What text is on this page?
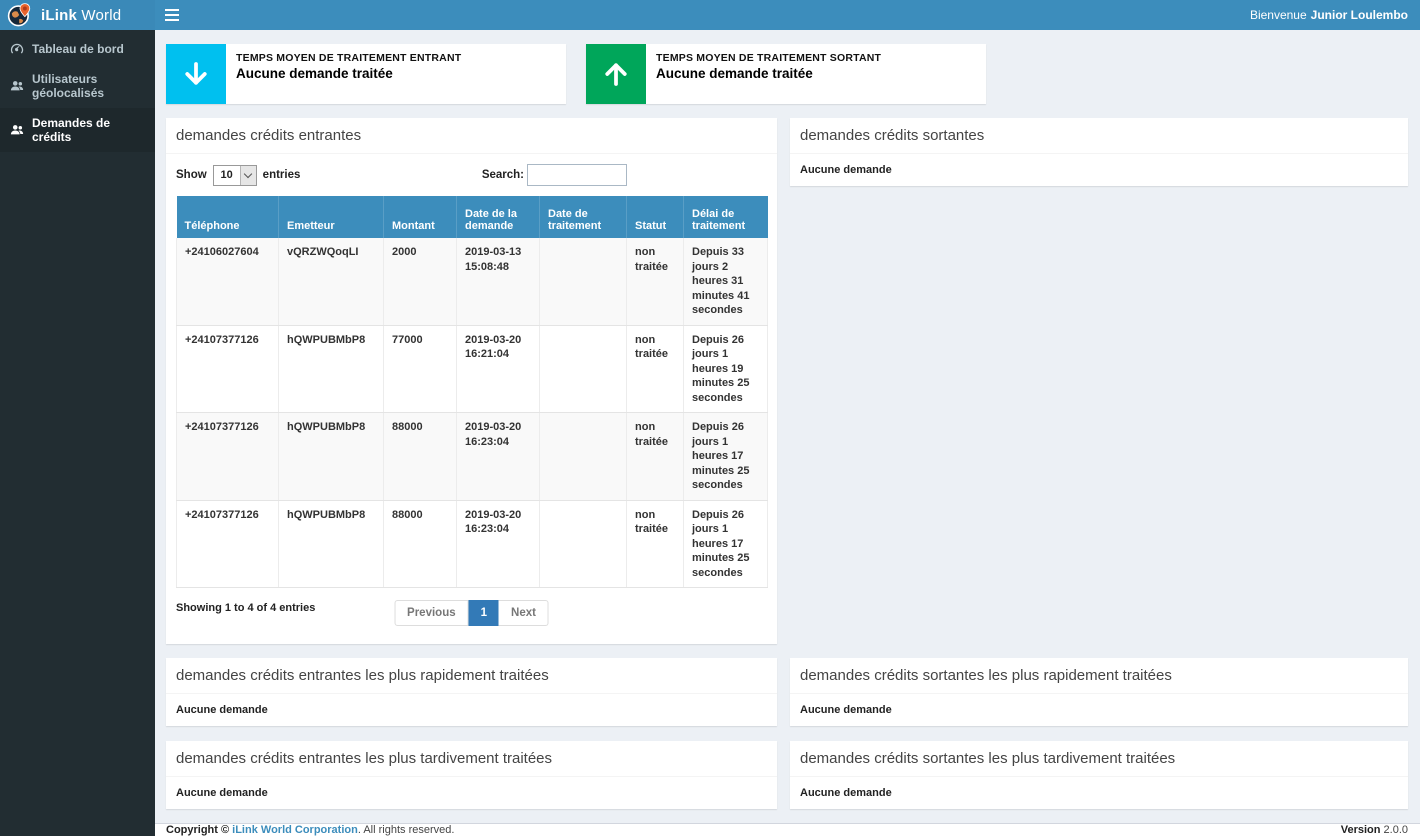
iLink World	Bienvenue Junior Loulembo
Tableau de bord
Utilisateurs géolocalisés
Demandes de crédits
TEMPS MOYEN DE TRAITEMENT ENTRANT
Aucune demande traitée
TEMPS MOYEN DE TRAITEMENT SORTANT
Aucune demande traitée
demandes crédits entrantes
Show	10	entries	Search:
Téléphone	Emetteur	Montant	Date de la demande	Date de traitement	Statut	Délai de traitement
+24106027604	vQRZWQoqLI	2000	2019-03-13 15:08:48		non traitée	Depuis 33 jours 2 heures 31 minutes 41 secondes
+24107377126	hQWPUBMbP8	77000	2019-03-20 16:21:04		non traitée	Depuis 26 jours 1 heures 19 minutes 25 secondes
+24107377126	hQWPUBMbP8	88000	2019-03-20 16:23:04		non traitée	Depuis 26 jours 1 heures 17 minutes 25 secondes
+24107377126	hQWPUBMbP8	88000	2019-03-20 16:23:04		non traitée	Depuis 26 jours 1 heures 17 minutes 25 secondes
Showing 1 to 4 of 4 entries	Previous	1	Next
demandes crédits sortantes
Aucune demande
demandes crédits entrantes les plus rapidement traitées
Aucune demande
demandes crédits sortantes les plus rapidement traitées
Aucune demande
demandes crédits entrantes les plus tardivement traitées
Aucune demande
demandes crédits sortantes les plus tardivement traitées
Aucune demande
Copyright © iLink World Corporation. All rights reserved.	Version 2.0.0
